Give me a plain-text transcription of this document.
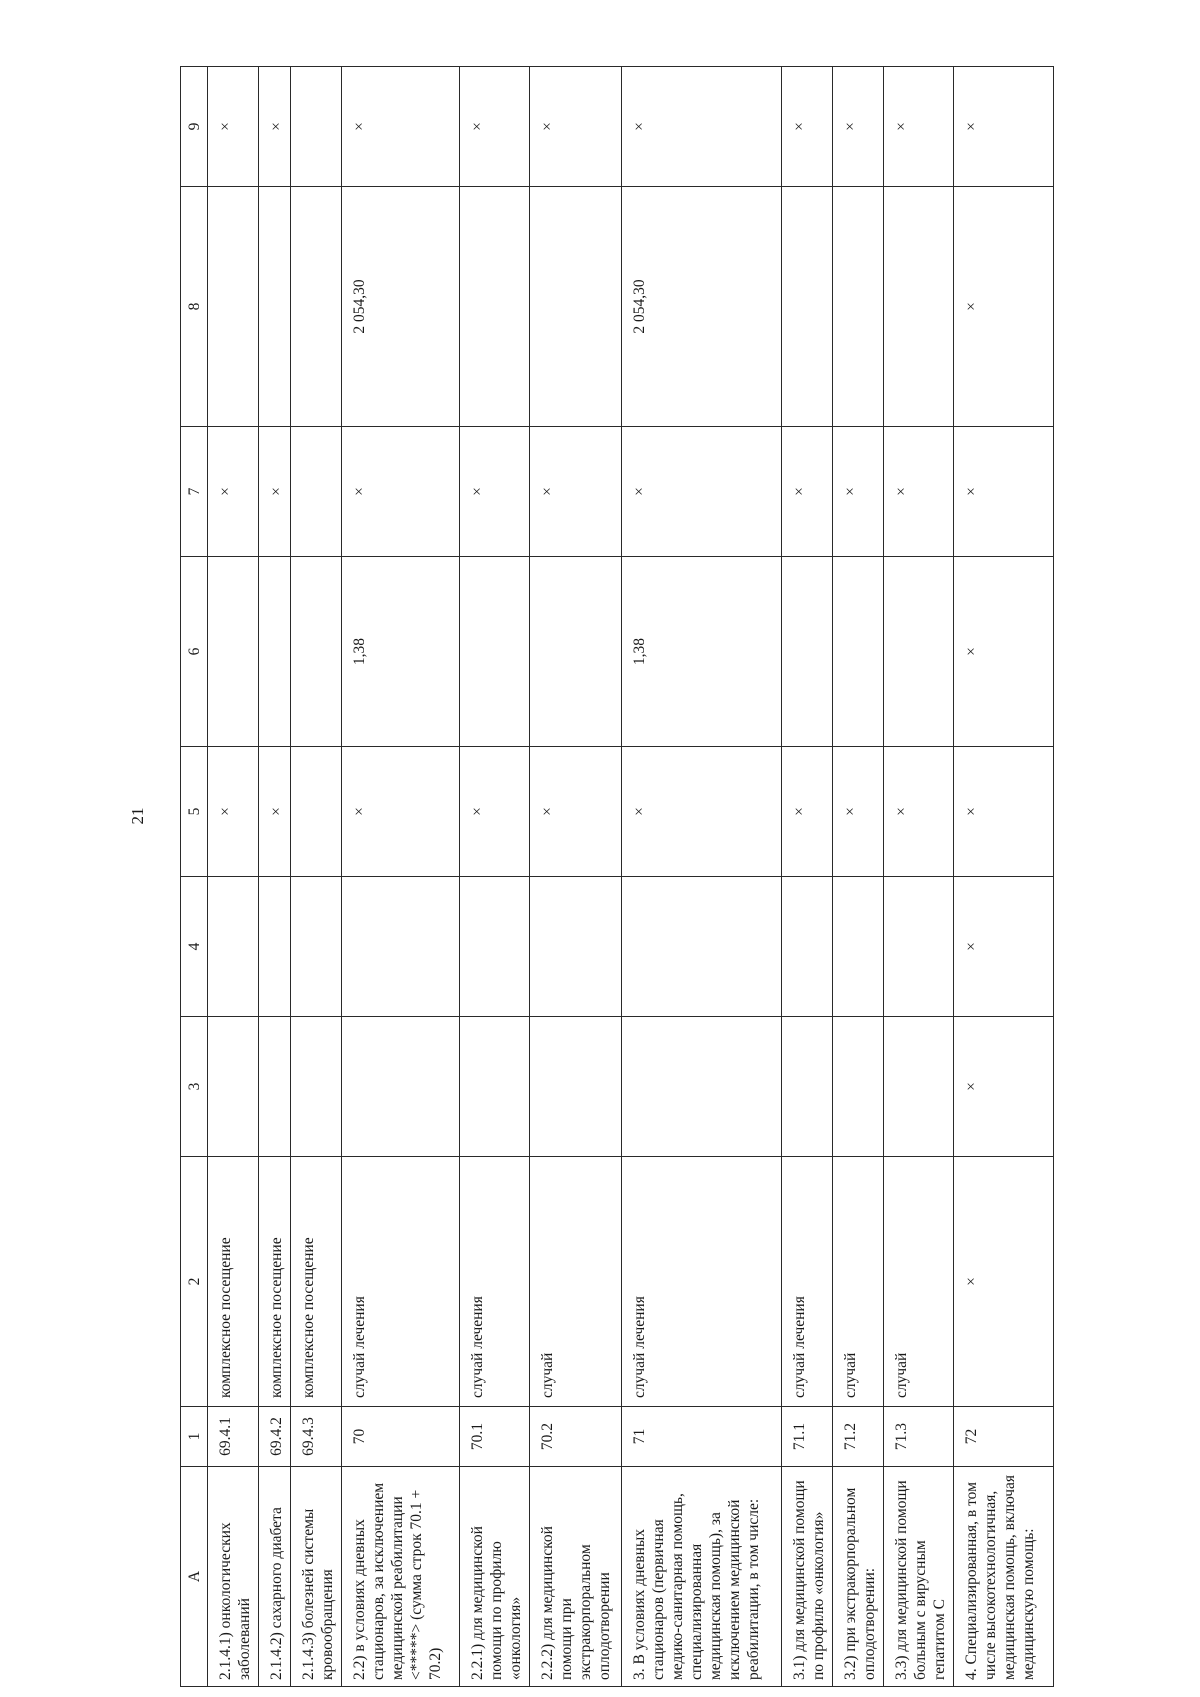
21
А	1	2	3	4	5	6	7	8	9
2.1.4.1) онкологических заболеваний	69.4.1	комплексное посещение			×		×		×
2.1.4.2) сахарного диабета	69.4.2	комплексное посещение			×		×		×
2.1.4.3) болезней системы кровообращения	69.4.3	комплексное посещение							
2.2) в условиях дневных стационаров, за исключением медицинской реабилитации <*****> (сумма строк 70.1 + 70.2)	70	случай лечения			×	1,38	×	2 054,30	×
2.2.1) для медицинской помощи по профилю «онкология»	70.1	случай лечения			×		×		×
2.2.2) для медицинской помощи при экстракорпоральном оплодотворении	70.2	случай			×		×		×
3. В условиях дневных стационаров (первичная медико-санитарная помощь, специализированная медицинская помощь), за исключением медицинской реабилитации, в том числе:	71	случай лечения			×	1,38	×	2 054,30	×
3.1) для медицинской помощи по профилю «онкология»	71.1	случай лечения			×		×		×
3.2) при экстракорпоральном оплодотворении:	71.2	случай			×		×		×
3.3) для медицинской помощи больным с вирусным гепатитом С	71.3	случай			×		×		×
4. Специализированная, в том числе высокотехнологичная, медицинская помощь, включая медицинскую помощь:	72	×	×	×	×	×	×	×	×
